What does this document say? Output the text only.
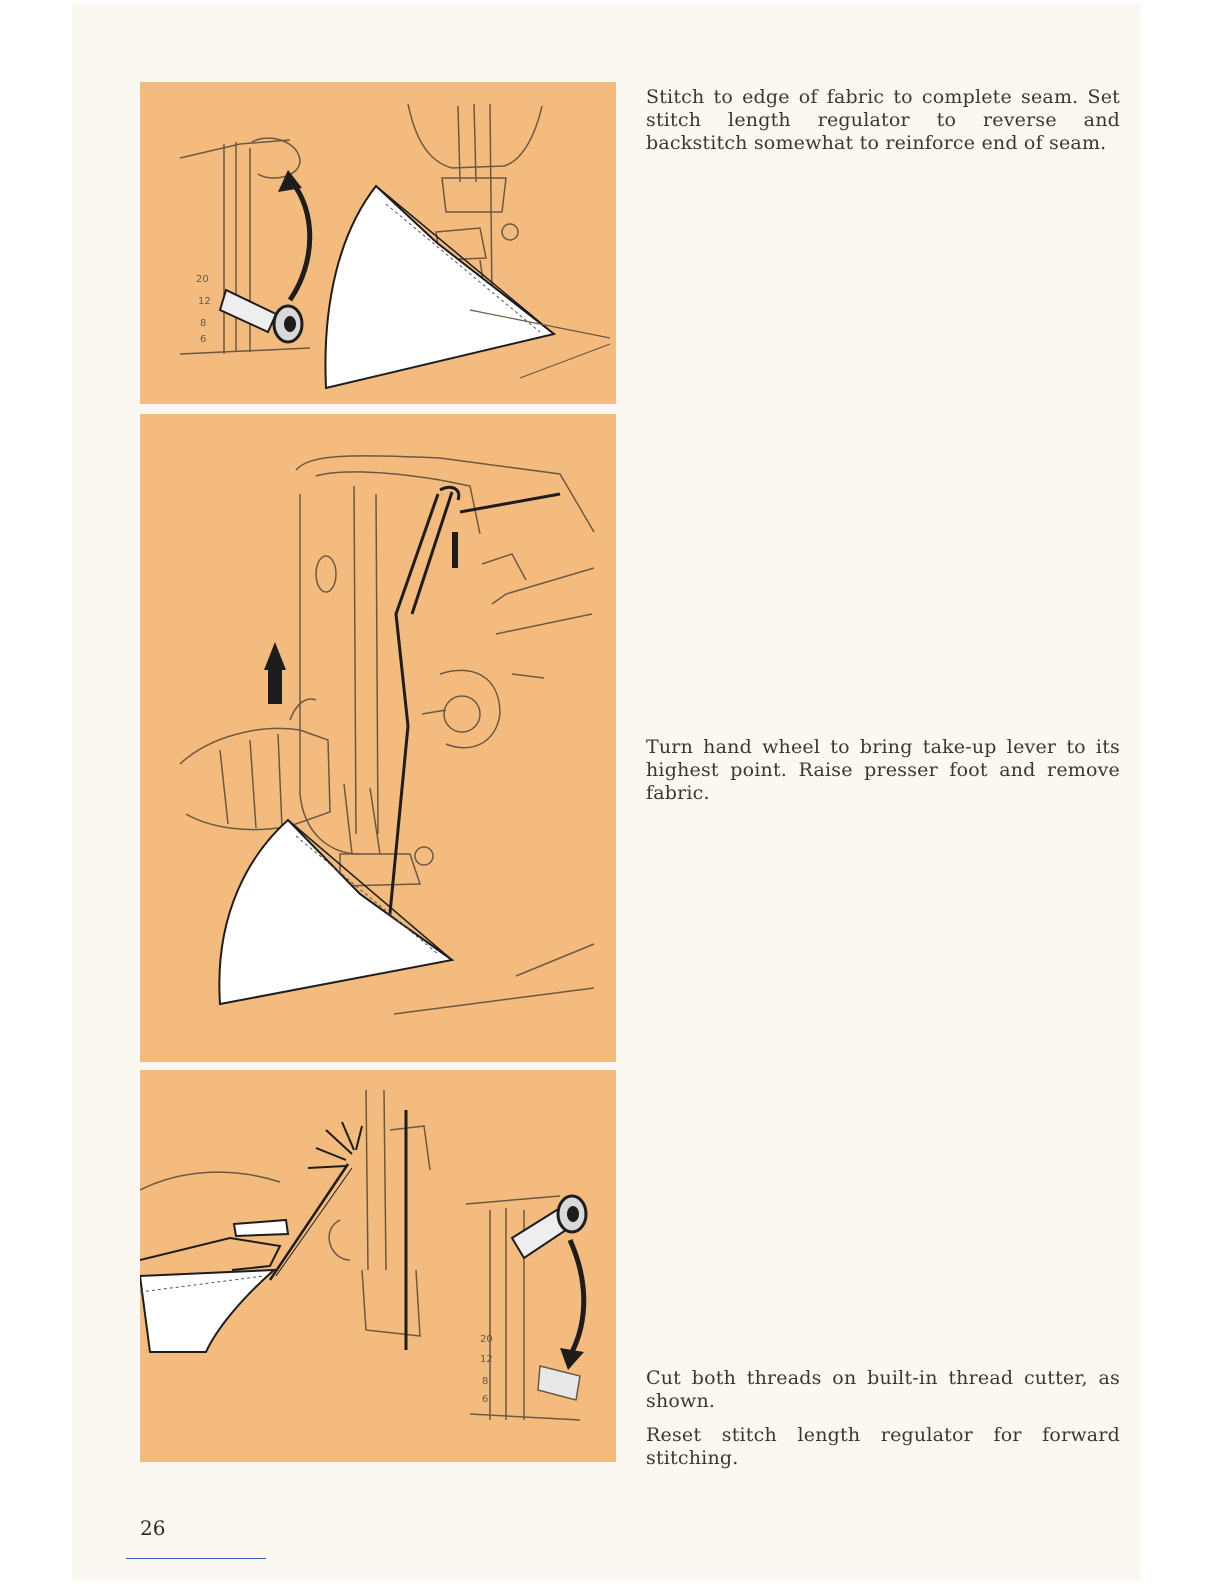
20
12
8
6
20
12
8
6

Stitch to edge of fabric to complete seam. Set stitch length regulator to reverse and backstitch somewhat to reinforce end of seam.

Turn hand wheel to bring take-up lever to its highest point. Raise presser foot and remove fabric.

Cut both threads on built-in thread cutter, as shown.

Reset stitch length regulator for forward stitching.

26
